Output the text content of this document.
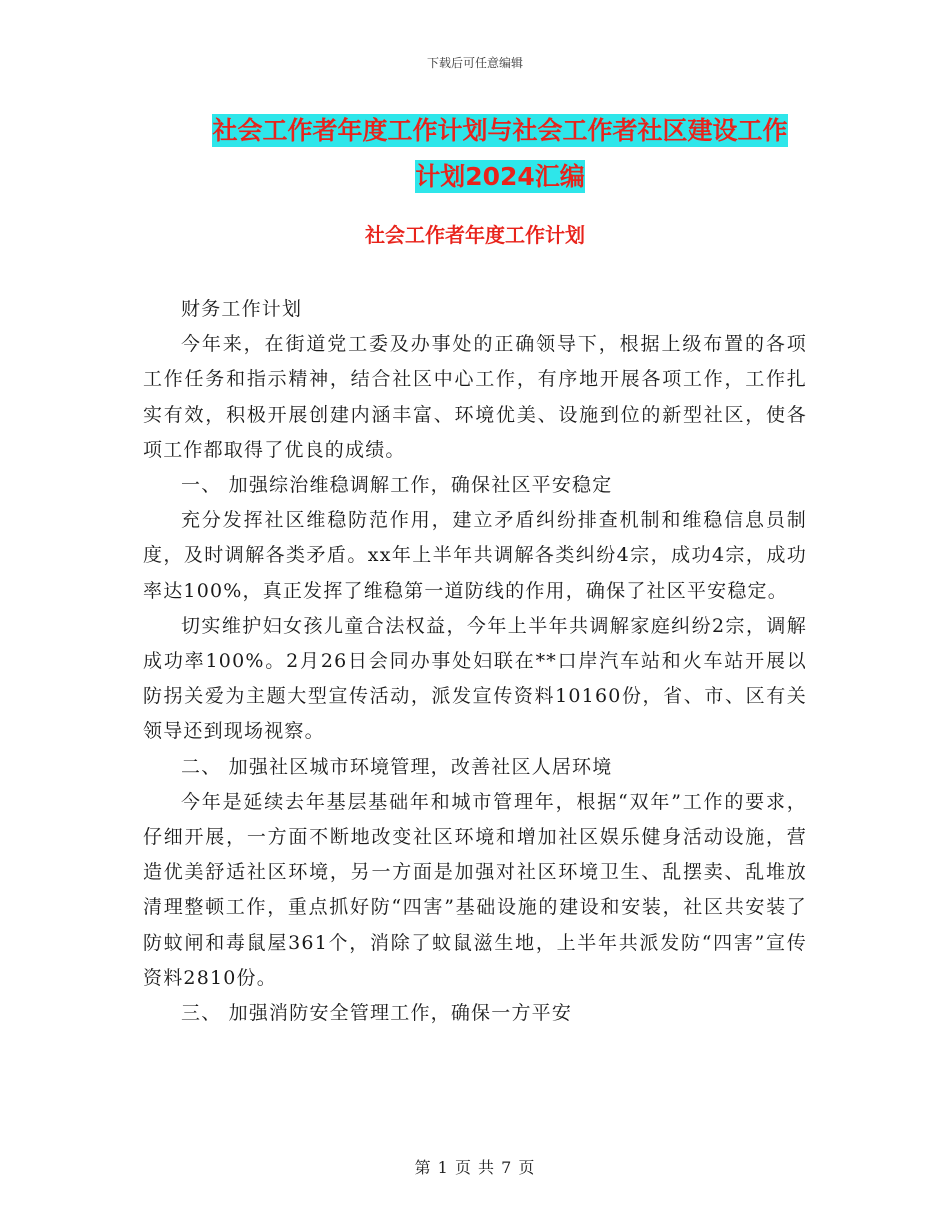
下载后可任意编辑
社会工作者年度工作计划与社会工作者社区建设工作
计划2024汇编
社会工作者年度工作计划

财务工作计划

今年来，在街道党工委及办事处的正确领导下，根据上级布置的各项工作任务和指示精神，结合社区中心工作，有序地开展各项工作，工作扎实有效，积极开展创建内涵丰富、环境优美、设施到位的新型社区，使各项工作都取得了优良的成绩。

一、 加强综治维稳调解工作，确保社区平安稳定

充分发挥社区维稳防范作用，建立矛盾纠纷排查机制和维稳信息员制度，及时调解各类矛盾。xx年上半年共调解各类纠纷4宗，成功4宗，成功率达100%，真正发挥了维稳第一道防线的作用，确保了社区平安稳定。

切实维护妇女孩儿童合法权益，今年上半年共调解家庭纠纷2宗，调解成功率100%。2月26日会同办事处妇联在**口岸汽车站和火车站开展以防拐关爱为主题大型宣传活动，派发宣传资料10160份，省、市、区有关领导还到现场视察。

二、 加强社区城市环境管理，改善社区人居环境

今年是延续去年基层基础年和城市管理年，根据“双年”工作的要求，仔细开展，一方面不断地改变社区环境和增加社区娱乐健身活动设施，营造优美舒适社区环境，另一方面是加强对社区环境卫生、乱摆卖、乱堆放清理整顿工作，重点抓好防“四害”基础设施的建设和安装，社区共安装了防蚊闸和毒鼠屋361个，消除了蚊鼠滋生地，上半年共派发防“四害”宣传资料2810份。

三、 加强消防安全管理工作，确保一方平安

第 1 页 共 7 页
